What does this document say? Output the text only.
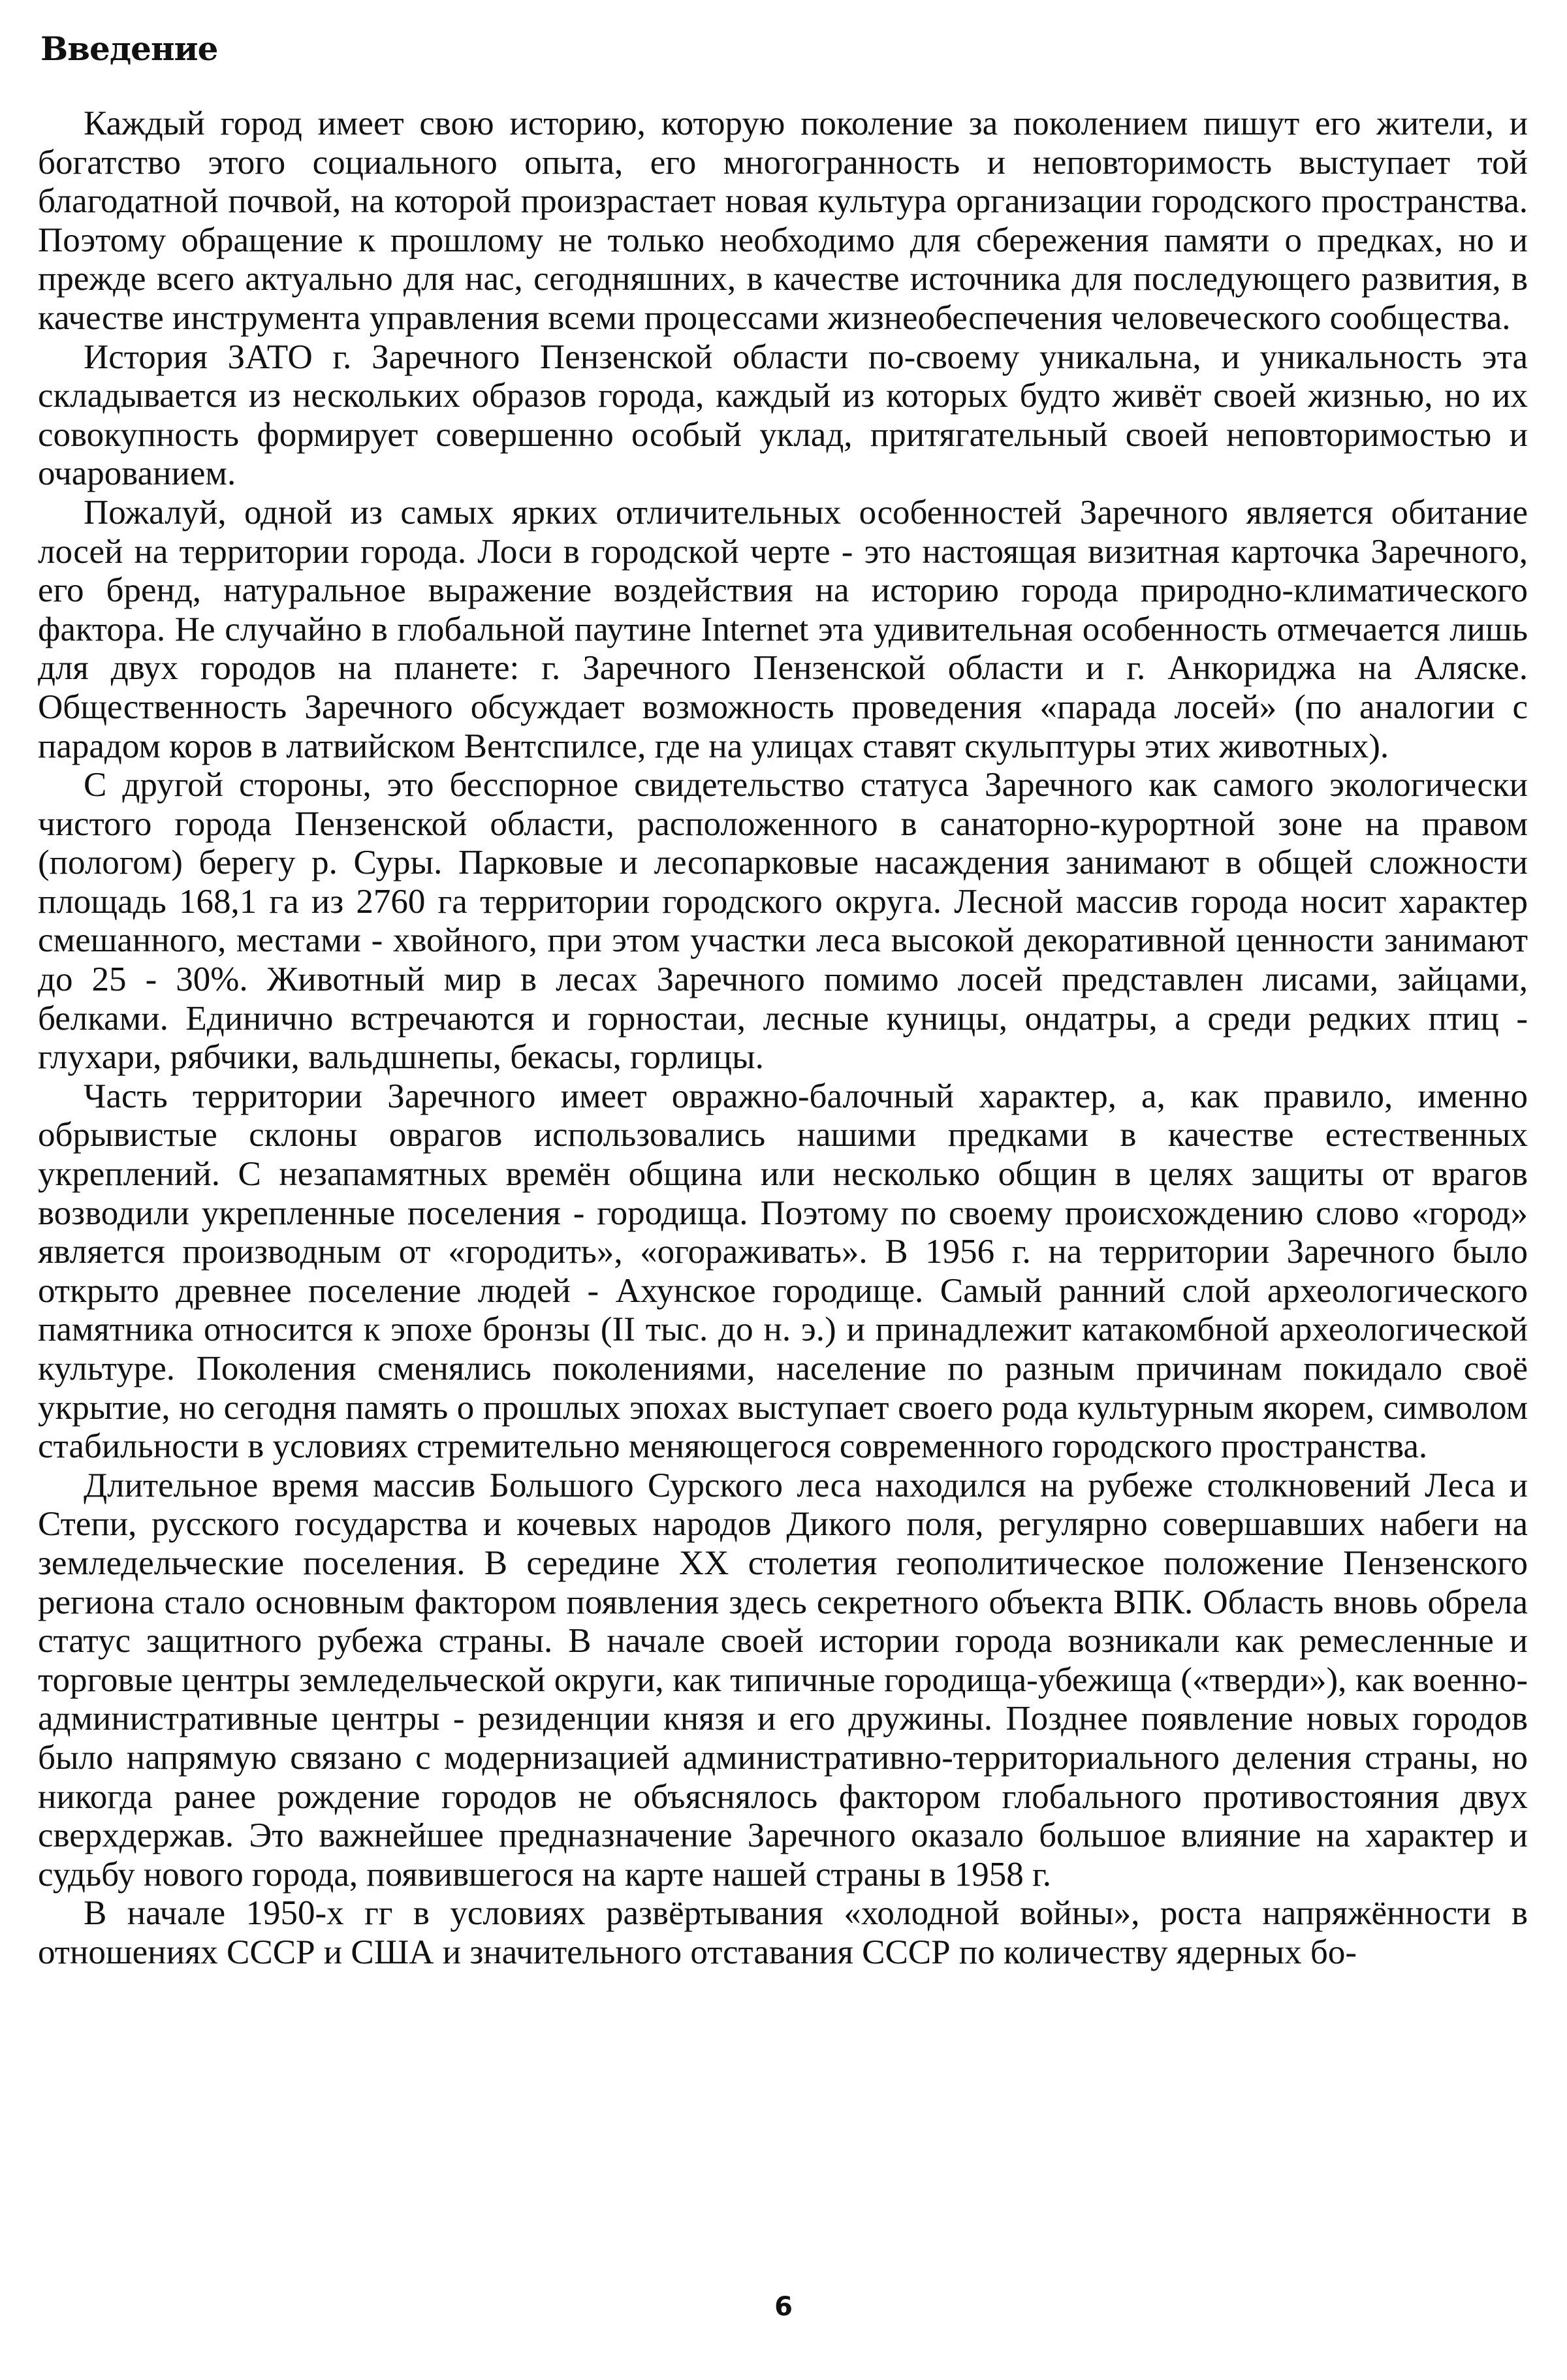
Введение

Каждый город имеет свою историю, которую поколение за поколением пишут его жители, и богатство этого социального опыта, его многогранность и неповторимость выступает той благодатной почвой, на которой произрастает новая культура организации городского пространства. Поэтому обращение к прошлому не только необходимо для сбережения памяти о предках, но и прежде всего актуально для нас, сегодняшних, в качестве источника для последующего развития, в качестве инструмента управления всеми процессами жизнеобеспечения человеческого сообщества.

История ЗАТО г. Заречного Пензенской области по-своему уникальна, и уникальность эта складывается из нескольких образов города, каждый из которых будто живёт своей жизнью, но их совокупность формирует совершенно особый уклад, притягательный своей неповторимостью и очарованием.

Пожалуй, одной из самых ярких отличительных особенностей Заречного является обитание лосей на территории города. Лоси в городской черте - это настоящая визитная карточка Заречного, его бренд, натуральное выражение воздействия на историю города природно-климатического фактора. Не случайно в глобальной паутине Internet эта удивительная особенность отмечается лишь для двух городов на планете: г. Заречного Пензенской области и г. Анкориджа на Аляске. Общественность Заречного обсуждает возможность проведения «парада лосей» (по аналогии с парадом коров в латвийском Вентспилсе, где на улицах ставят скульптуры этих животных).

С другой стороны, это бесспорное свидетельство статуса Заречного как самого экологически чистого города Пензенской области, расположенного в санаторно-курортной зоне на правом (пологом) берегу р. Суры. Парковые и лесопарковые насаждения занимают в общей сложности площадь 168,1 га из 2760 га территории городского округа. Лесной массив города носит характер смешанного, местами - хвойного, при этом участки леса высокой декоративной ценности занимают до 25 - 30%. Животный мир в лесах Заречного помимо лосей представлен лисами, зайцами, белками. Единично встречаются и горностаи, лесные куницы, ондатры, а среди редких птиц - глухари, рябчики, вальдшнепы, бекасы, горлицы.

Часть территории Заречного имеет овражно-балочный характер, а, как правило, именно обрывистые склоны оврагов использовались нашими предками в качестве естественных укреплений. С незапамятных времён община или несколько общин в целях защиты от врагов возводили укрепленные поселения - городища. Поэтому по своему происхождению слово «город» является производным от «городить», «огораживать». В 1956 г. на территории Заречного было открыто древнее поселение людей - Ахунское городище. Самый ранний слой археологического памятника относится к эпохе бронзы (II тыс. до н. э.) и принадлежит катакомбной археологической культуре. Поколения сменялись поколениями, население по разным причинам покидало своё укрытие, но сегодня память о прошлых эпохах выступает своего рода культурным якорем, символом стабильности в условиях стремительно меняющегося современного городского пространства.

Длительное время массив Большого Сурского леса находился на рубеже столкновений Леса и Степи, русского государства и кочевых народов Дикого поля, регулярно совершавших набеги на земледельческие поселения. В середине XX столетия геополитическое положение Пензенского региона стало основным фактором появления здесь секретного объекта ВПК. Область вновь обрела статус защитного рубежа страны. В начале своей истории города возникали как ремесленные и торговые центры земледельческой округи, как типичные городища-убежища («тверди»), как военно-административные центры - резиденции князя и его дружины. Позднее появление новых городов было напрямую связано с модернизацией административно-территориального деления страны, но никогда ранее рождение городов не объяснялось фактором глобального противостояния двух сверхдержав. Это важнейшее предназначение Заречного оказало большое влияние на характер и судьбу нового города, появившегося на карте нашей страны в 1958 г.

В начале 1950-х гг в условиях развёртывания «холодной войны», роста напряжённости в отношениях СССР и США и значительного отставания СССР по количеству ядерных бо-

6
